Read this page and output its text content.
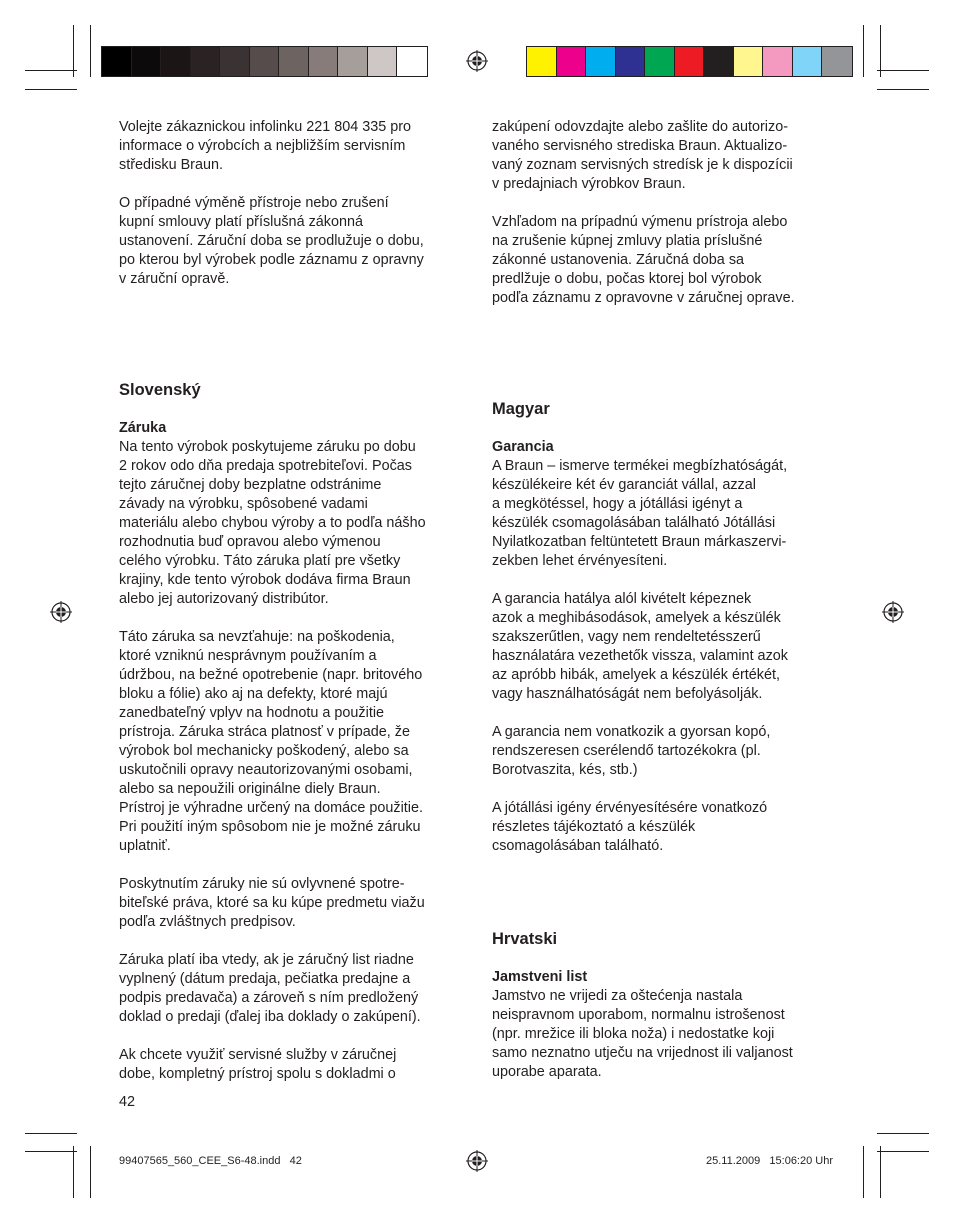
Volejte zákaznickou infolinku 221 804 335 pro
informace o výrobcích a nejbližším servisním
středisku Braun.

O případné výměně přístroje nebo zrušení
kupní smlouvy platí příslušná zákonná
ustanovení. Záruční doba se prodlužuje o dobu,
po kterou byl výrobek podle záznamu z opravny
v záruční opravě.

Slovenský
Záruka

Na tento výrobok poskytujeme záruku po dobu
2 rokov odo dňa predaja spotrebiteľovi. Počas
tejto záručnej doby bezplatne odstránime
závady na výrobku, spôsobené vadami
materiálu alebo chybou výroby a to podľa nášho
rozhodnutia buď opravou alebo výmenou
celého výrobku. Táto záruka platí pre všetky
krajiny, kde tento výrobok dodáva firma Braun
alebo jej autorizovaný distribútor.

Táto záruka sa nevzťahuje: na poškodenia,
ktoré vzniknú nesprávnym používaním a
údržbou, na bežné opotrebenie (napr. britového
bloku a fólie) ako aj na defekty, ktoré majú
zanedbateľný vplyv na hodnotu a použitie
prístroja. Záruka stráca platnosť v prípade, že
výrobok bol mechanicky poškodený, alebo sa
uskutočnili opravy neautorizovanými osobami,
alebo sa nepoužili originálne diely Braun.
Prístroj je výhradne určený na domáce použitie.
Pri použití iným spôsobom nie je možné záruku
uplatniť.

Poskytnutím záruky nie sú ovlyvnené spotre-
biteľské práva, ktoré sa ku kúpe predmetu viažu
podľa zvláštnych predpisov.

Záruka platí iba vtedy, ak je záručný list riadne
vyplnený (dátum predaja, pečiatka predajne a
podpis predavača) a zároveň s ním predložený
doklad o predaji (ďalej iba doklady o zakúpení).

Ak chcete využiť servisné služby v záručnej
dobe, kompletný prístroj spolu s dokladmi o

zakúpení odovzdajte alebo zašlite do autorizo-
vaného servisného strediska Braun. Aktualizo-
vaný zoznam servisných stredísk je k dispozícii
v predajniach výrobkov Braun.

Vzhľadom na prípadnú výmenu prístroja alebo
na zrušenie kúpnej zmluvy platia príslušné
zákonné ustanovenia. Záručná doba sa
predlžuje o dobu, počas ktorej bol výrobok
podľa záznamu z opravovne v záručnej oprave.

Magyar
Garancia

A Braun – ismerve termékei megbízhatóságát,
készülékeire két év garanciát vállal, azzal
a megkötéssel, hogy a jótállási igényt a
készülék csomagolásában található Jótállási
Nyilatkozatban feltüntetett Braun márkaszervi-
zekben lehet érvényesíteni.

A garancia hatálya alól kivételt képeznek
azok a meghibásodások, amelyek a készülék
szakszerűtlen, vagy nem rendeltetésszerű
használatára vezethetők vissza, valamint azok
az apróbb hibák, amelyek a készülék értékét,
vagy használhatóságát nem befolyásolják.

A garancia nem vonatkozik a gyorsan kopó,
rendszeresen cserélendő tartozékokra (pl.
Borotvaszita, kés, stb.)

A jótállási igény érvényesítésére vonatkozó
részletes tájékoztató a készülék
csomagolásában található.

Hrvatski
Jamstveni list

Jamstvo ne vrijedi za oštećenja nastala
neispravnom uporabom, normalnu istrošenost
(npr. mrežice ili bloka noža) i nedostatke koji
samo neznatno utječu na vrijednost ili valjanost
uporabe aparata.

42
99407565_560_CEE_S6-48.indd   42	25.11.2009   15:06:20 Uhr
